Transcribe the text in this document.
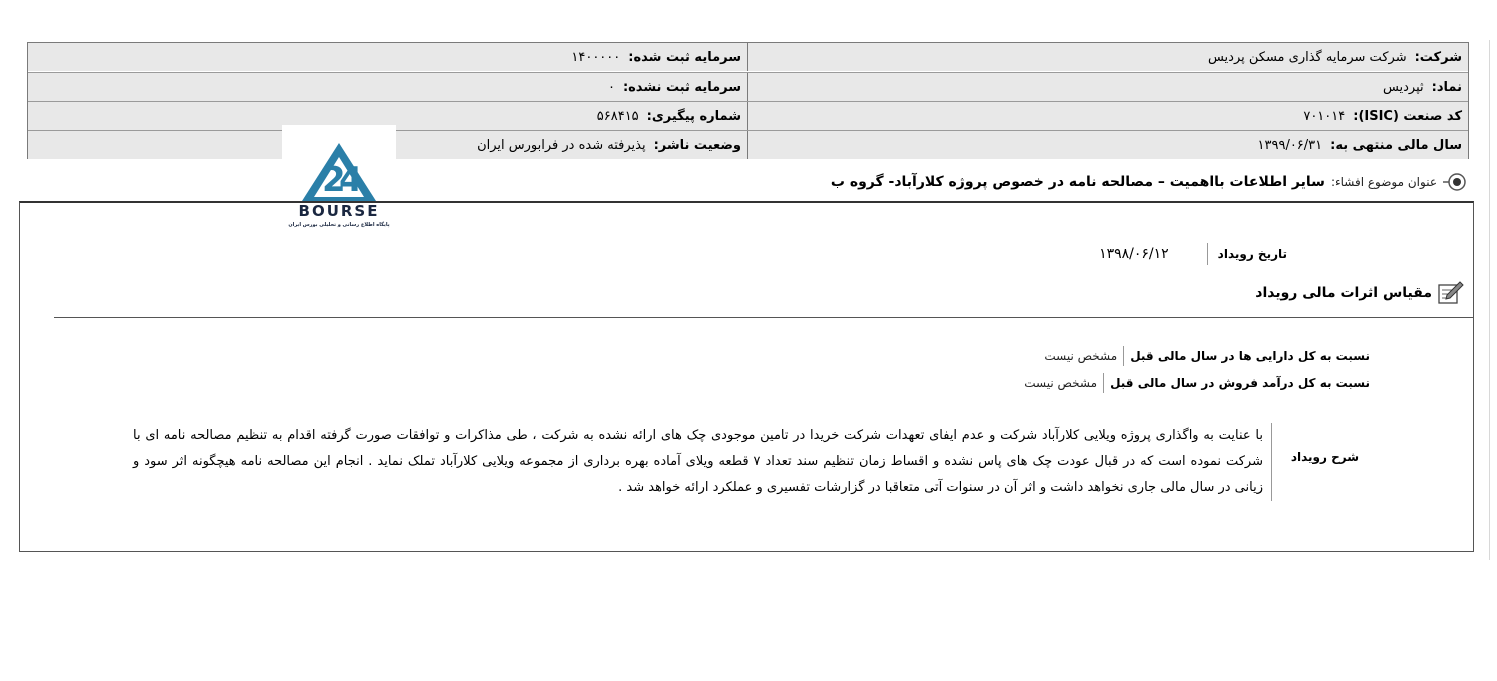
شرکت:
شرکت سرمایه گذاری مسکن پردیس
سرمایه ثبت شده:
۱۴۰۰۰۰۰
نماد:
ثپردیس
سرمایه ثبت نشده:
۰
کد صنعت (ISIC):
۷۰۱۰۱۴
شماره پیگیری:
۵۶۸۴۱۵
سال مالی منتهی به:
۱۳۹۹/۰۶/۳۱
وضعیت ناشر:
پذیرفته شده در فرابورس ایران
2
4
BOURSE
پایگاه اطلاع رسانی و تحلیلی بورس ایران
عنوان موضوع افشاء:
سایر اطلاعات بااهمیت – مصالحه نامه در خصوص پروژه کلارآباد- گروه ب
تاریخ رویداد
۱۳۹۸/۰۶/۱۲
مقیاس اثرات مالی رویداد
نسبت به کل دارایی ها در سال مالی قبل
مشخص نیست
نسبت به کل درآمد فروش در سال مالی قبل
مشخص نیست
شرح رویداد
با عنایت به واگذاری پروژه ویلایی کلارآباد شرکت و عدم ایفای تعهدات شرکت خریدا در تامین موجودی چک های ارائه نشده به شرکت ، طی مذاکرات و توافقات صورت گرفته اقدام به تنظیم مصالحه نامه ای با شرکت نموده است که در قبال عودت چک های پاس نشده و اقساط زمان تنظیم سند تعداد ۷ قطعه ویلای آماده بهره برداری از مجموعه ویلایی کلارآباد تملک نماید . انجام این مصالحه نامه هیچگونه اثر سود و زیانی در سال مالی جاری نخواهد داشت و اثر آن در سنوات آتی متعاقبا در گزارشات تفسیری و عملکرد ارائه خواهد شد .
